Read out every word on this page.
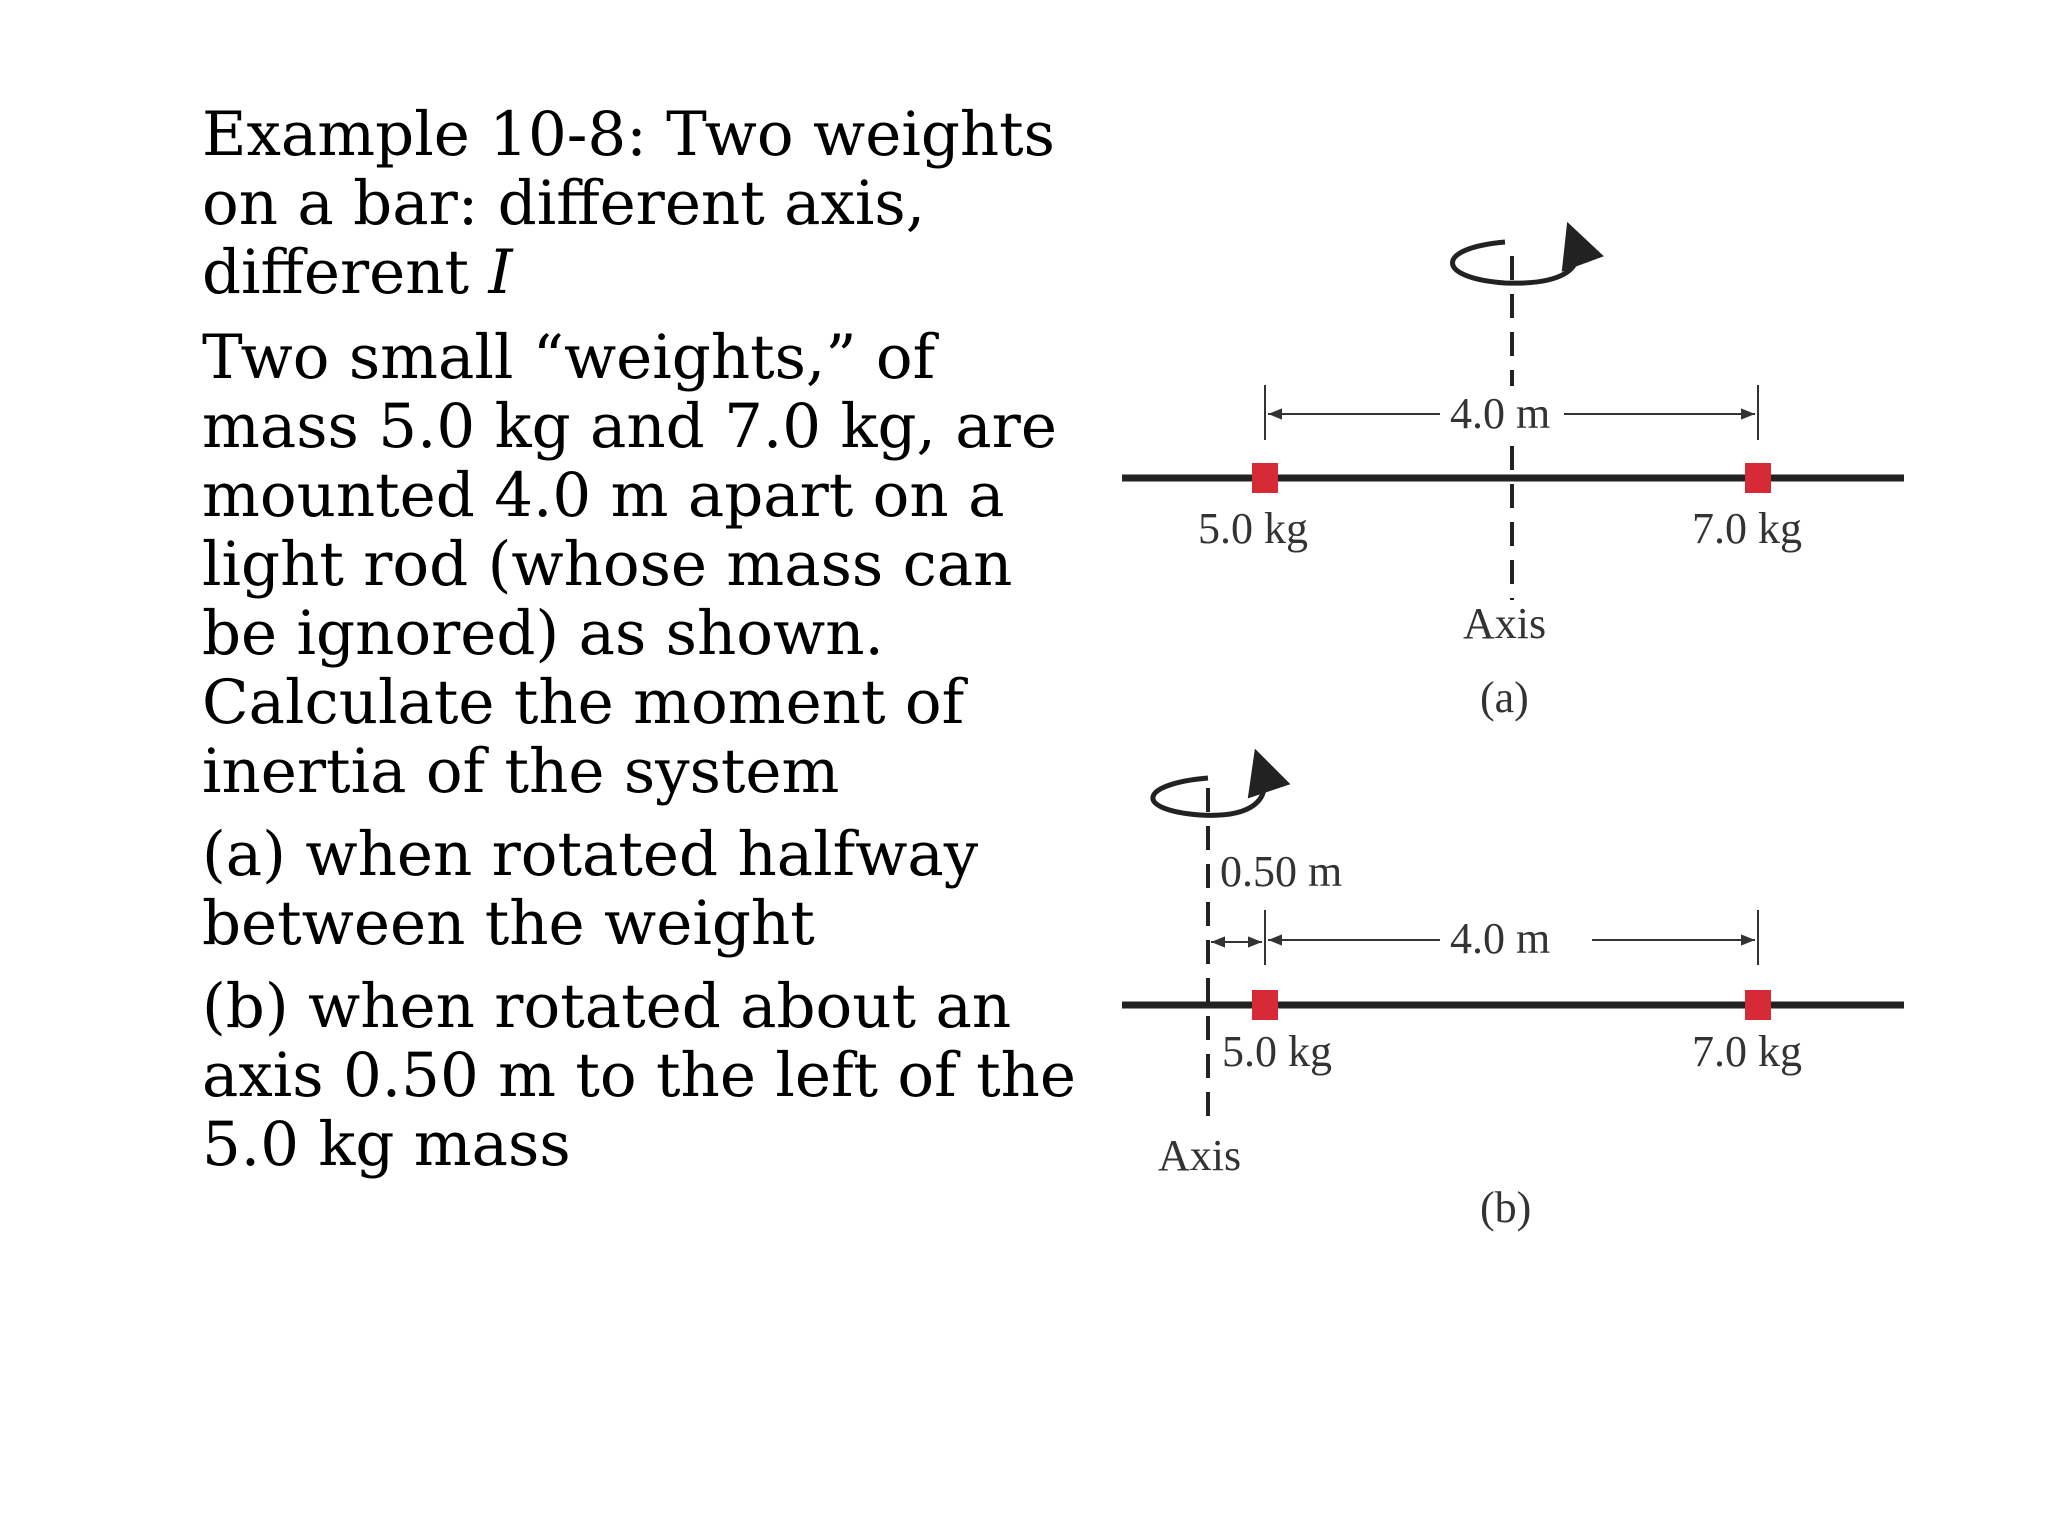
Example 10-8: Two weights on a bar: different axis, different I
Two small “weights,” of mass 5.0 kg and 7.0 kg, are mounted 4.0 m apart on a light rod (whose mass can be ignored) as shown. Calculate the moment of inertia of the system
(a) when rotated halfway between the weight
(b) when rotated about an axis 0.50 m to the left of the 5.0 kg mass
4.0 m
5.0 kg	7.0 kg
Axis
(a)
0.50 m
4.0 m
5.0 kg	7.0 kg
Axis
(b)
